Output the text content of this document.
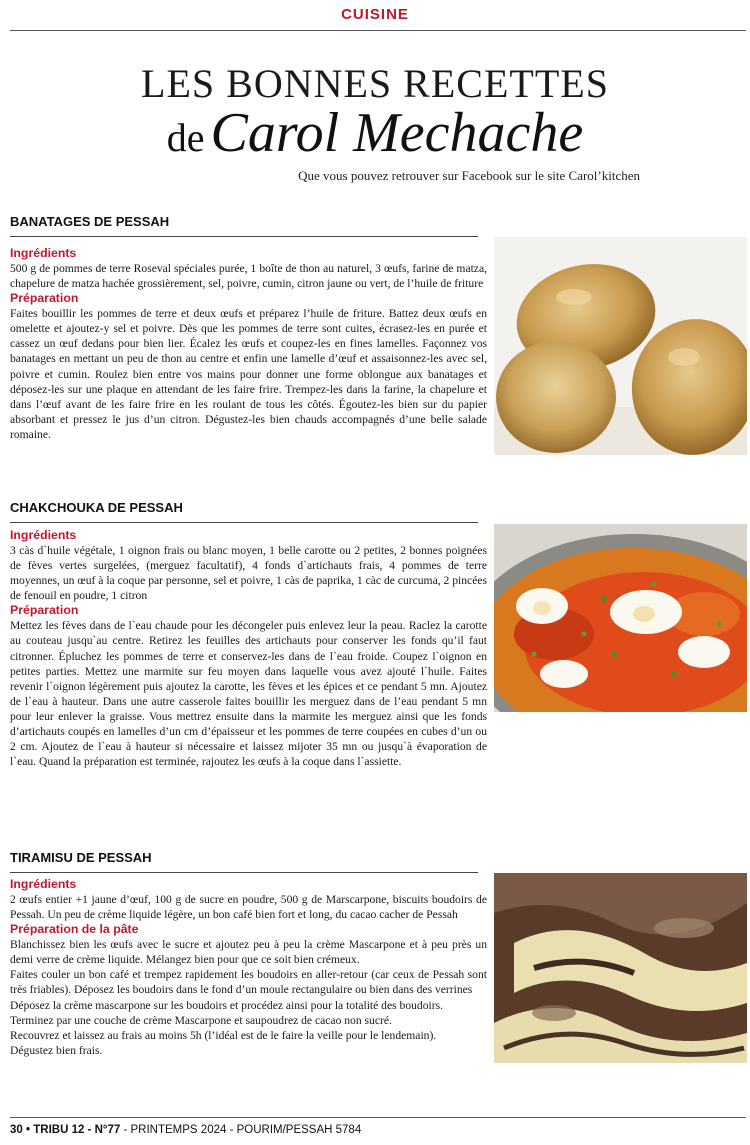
CUISINE
LES BONNES RECETTES
de Carol Mechache
Que vous pouvez retrouver sur Facebook sur le site Carol’kitchen
BANATAGES DE PESSAH
Ingrédients

500 g de pommes de terre Roseval spéciales purée, 1 boîte de thon au naturel, 3 œufs, farine de matza, chapelure de matza hachée grossièrement, sel, poivre, cumin, citron jaune ou vert, de l’huile de friture

Préparation

Faites bouillir les pommes de terre et deux œufs et préparez l’huile de friture. Battez deux œufs en omelette et ajoutez-y sel et poivre. Dès que les pommes de terre sont cuites, écrasez-les en purée et cassez un œuf dedans pour bien lier. Écalez les œufs et coupez-les en fines lamelles. Façonnez vos banatages en mettant un peu de thon au centre et enfin une lamelle d’œuf et assaisonnez-les avec sel, poivre et cumin. Roulez bien entre vos mains pour donner une forme oblongue aux banatages et déposez-les sur une plaque en attendant de les faire frire. Trempez-les dans la farine, la chapelure et dans l’œuf avant de les faire frire en les roulant de tous les côtés. Égoutez-les bien sur du papier absorbant et pressez le jus d’un citron. Dégustez-les bien chauds accompagnés d’une belle salade romaine.

CHAKCHOUKA DE PESSAH
Ingrédients

3 càs d`huile végétale, 1 oignon frais ou blanc moyen, 1 belle carotte ou 2 petites, 2 bonnes poignées de fèves vertes surgelées, (merguez facultatif), 4 fonds d`artichauts frais, 4 pommes de terre moyennes, un œuf à la coque par personne, sel et poivre, 1 càs de paprika, 1 càc de curcuma, 2 pincées de fenouil en poudre, 1 citron

Préparation

Mettez les fèves dans de l`eau chaude pour les décongeler puis enlevez leur la peau. Raclez la carotte au couteau jusqu`au centre. Retirez les feuilles des artichauts pour conserver les fonds qu’il faut citronner. Épluchez les pommes de terre et conservez-les dans de l`eau froide. Coupez l`oignon en petites parties. Mettez une marmite sur feu moyen dans laquelle vous avez ajouté l`huile. Faites revenir l`oignon légèrement puis ajoutez la carotte, les fèves et les épices et ce pendant 5 mn. Ajoutez de l`eau à hauteur. Dans une autre casserole faites bouillir les merguez dans de l’eau pendant 5 mn pour leur enlever la graisse. Vous mettrez ensuite dans la marmite les merguez ainsi que les fonds d’artichauts coupés en lamelles d’un cm d’épaisseur et les pommes de terre coupées en cubes d’un ou 2 cm. Ajoutez de l`eau à hauteur si nécessaire et laissez mijoter 35 mn ou jusqu`à évaporation de l`eau. Quand la préparation est terminée, rajoutez les œufs à la coque dans l`assiette.

TIRAMISU DE PESSAH
Ingrédients

2 œufs entier +1 jaune d’œuf, 100 g de sucre en poudre, 500 g de Marscarpone, biscuits boudoirs de Pessah. Un peu de crème liquide légère, un bon café bien fort et long, du cacao cacher de Pessah

Préparation de la pâte

Blanchissez bien les œufs avec le sucre et ajoutez peu à peu la crème Mascarpone et à peu près un demi verre de crème liquide. Mélangez bien pour que ce soit bien crémeux.

Faites couler un bon café et trempez rapidement les boudoirs en aller-retour (car ceux de Pessah sont très friables). Déposez les boudoirs dans le fond d’un moule rectangulaire ou bien dans des verrines

Déposez la crème mascarpone sur les boudoirs et procédez ainsi pour la totalité des boudoirs.

Terminez par une couche de crème Mascarpone et saupoudrez de cacao non sucré.

Recouvrez et laissez au frais au moins 5h (l’idéal est de le faire la veille pour le lendemain).

Dégustez bien frais.

30 • TRIBU 12 - N°77 - PRINTEMPS 2024 - POURIM/PESSAH 5784
